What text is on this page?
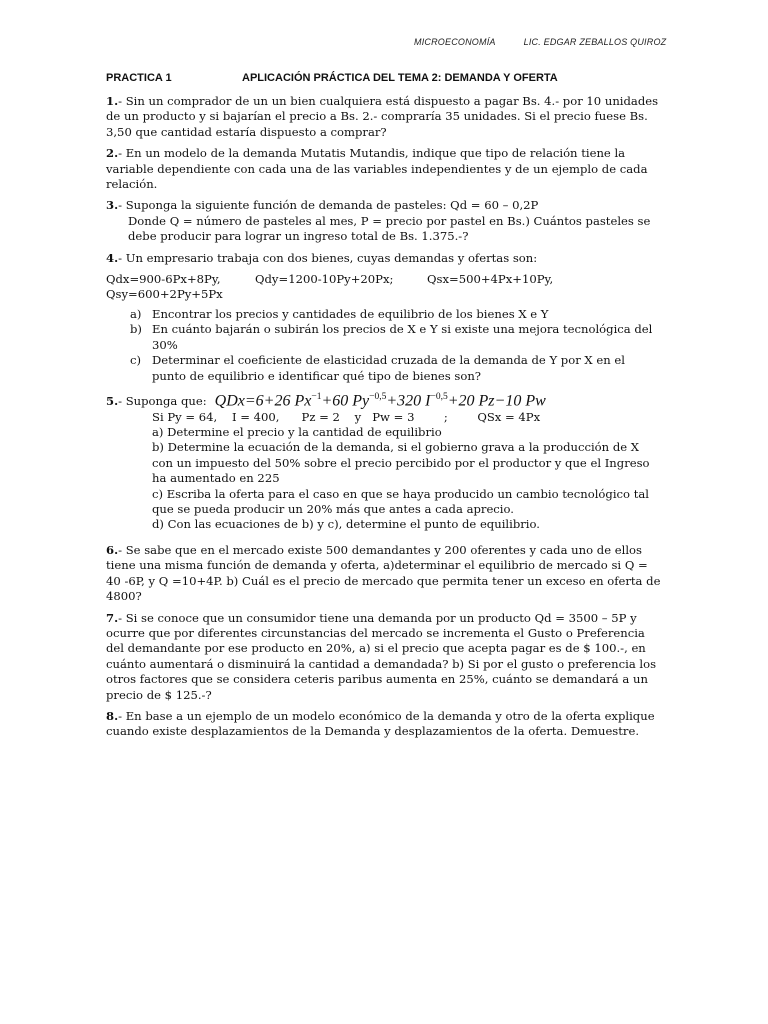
MICROECONOMÍA	LIC. EDGAR ZEBALLOS QUIROZ
PRACTICA 1	APLICACIÓN PRÁCTICA DEL TEMA 2: DEMANDA Y OFERTA

1.- Sin un comprador de un un bien cualquiera está dispuesto a pagar Bs. 4.- por 10 unidades de un producto y si bajarían el precio a Bs. 2.- compraría 35 unidades. Si el precio fuese Bs. 3,50 que cantidad estaría dispuesto a comprar?

2.- En un modelo de la demanda Mutatis Mutandis, indique que tipo de relación tiene la variable dependiente con cada una de las variables independientes y de un ejemplo de cada relación.

3.- Suponga la siguiente función de demanda de pasteles: Qd = 60 – 0,2P
Donde Q = número de pasteles al mes, P = precio por pastel en Bs.) Cuántos pasteles se debe producir para lograr un ingreso total de Bs. 1.375.-?
4.- Un empresario trabaja con dos bienes, cuyas demandas y ofertas son:
Qdx=900-6Px+8Py,	Qdy=1200-10Py+20Px;	Qsx=500+4Px+10Py,
Qsy=600+2Py+5Px
a) Encontrar los precios y cantidades de equilibrio de los bienes X e Y
b) En cuánto bajarán o subirán los precios de X e Y si existe una mejora tecnológica del 30%
c) Determinar el coeficiente de elasticidad cruzada de la demanda de Y por X en el punto de equilibrio e identificar qué tipo de bienes son?
5. - Suponga que: QDx=6+26 $Px^{-1}+60$ $Py^{-0,5}+320$ $I^{-0,5}+20$ Pz−10 Pw
Si Py = 64,    I = 400,      Pz = 2    y   Pw = 3        ;        QSx = 4Px
a) Determine el precio y la cantidad de equilibrio
b) Determine la ecuación de la demanda, si el gobierno grava a la producción de X con un impuesto del 50% sobre el precio percibido por el productor y que el Ingreso ha aumentado en 225
c) Escriba la oferta para el caso en que se haya producido un cambio tecnológico tal que se pueda producir un 20% más que antes a cada aprecio.
d) Con las ecuaciones de b) y c), determine el punto de equilibrio.

6.- Se sabe que en el mercado existe 500 demandantes y 200 oferentes y cada uno de ellos tiene una misma función de demanda y oferta, a)determinar el equilibrio de mercado si Q = 40 -6P, y Q =10+4P. b) Cuál es el precio de mercado que permita tener un exceso en oferta de 4800?

7.- Si se conoce que un consumidor tiene una demanda por un producto Qd = 3500 – 5P y ocurre que por diferentes circunstancias del mercado se incrementa el Gusto o Preferencia del demandante por ese producto en 20%, a) si el precio que acepta pagar es de $ 100.-, en cuánto aumentará o disminuirá la cantidad a demandada? b) Si por el gusto o preferencia los otros factores que se considera ceteris paribus aumenta en 25%, cuánto se demandará a un precio de $ 125.-?

8.- En base a un ejemplo de un modelo económico de la demanda y otro de la oferta explique cuando existe desplazamientos de la Demanda y desplazamientos de la oferta. Demuestre.
